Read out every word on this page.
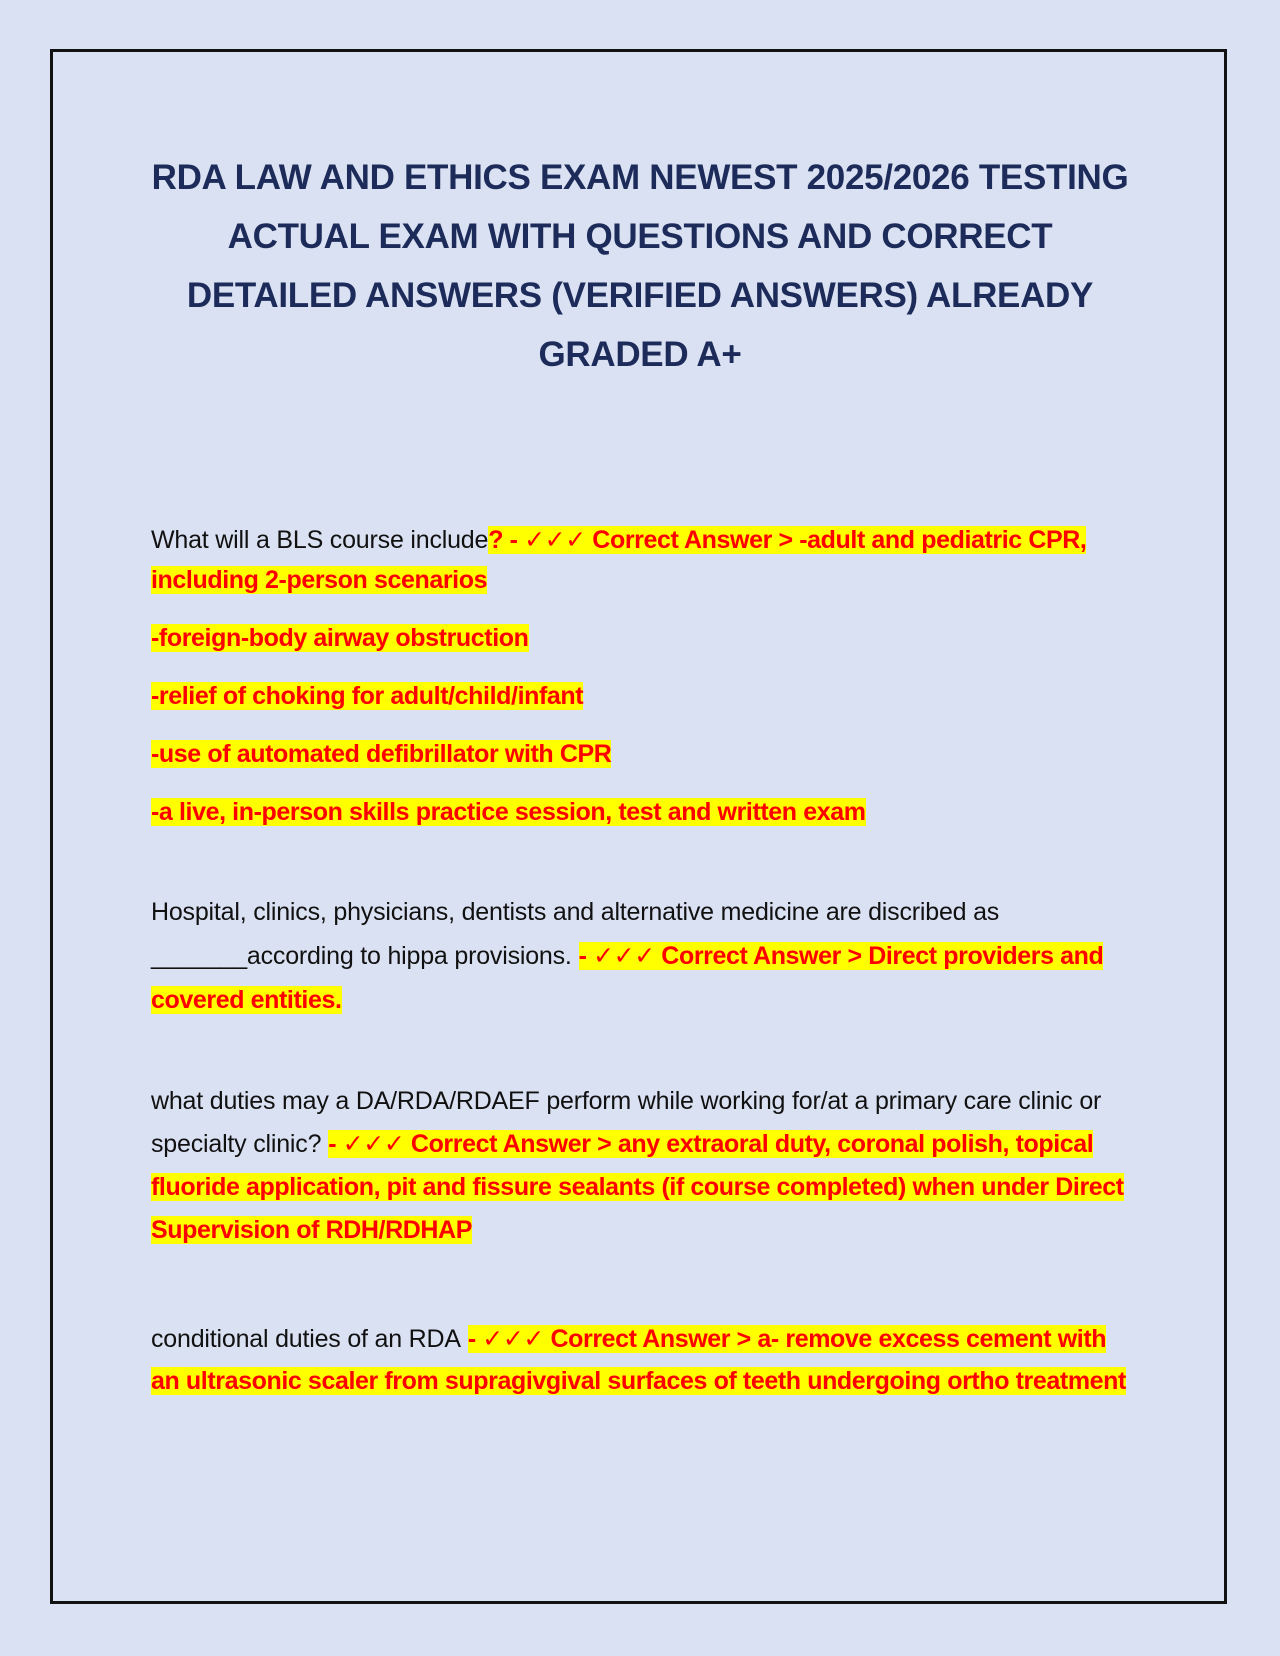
RDA LAW AND ETHICS EXAM NEWEST 2025/2026 TESTING ACTUAL EXAM WITH QUESTIONS AND CORRECT DETAILED ANSWERS (VERIFIED ANSWERS) ALREADY GRADED A+

What will a BLS course include? - ✓✓✓ Correct Answer > -adult and pediatric CPR, including 2-person scenarios

-foreign-body airway obstruction

-relief of choking for adult/child/infant

-use of automated defibrillator with CPR

-a live, in-person skills practice session, test and written exam

Hospital, clinics, physicians, dentists and alternative medicine are discribed as _______according to hippa provisions. - ✓✓✓ Correct Answer > Direct providers and covered entities.

what duties may a DA/RDA/RDAEF perform while working for/at a primary care clinic or specialty clinic? - ✓✓✓ Correct Answer > any extraoral duty, coronal polish, topical fluoride application, pit and fissure sealants (if course completed) when under Direct Supervision of RDH/RDHAP

conditional duties of an RDA - ✓✓✓ Correct Answer > a- remove excess cement with an ultrasonic scaler from supragivgival surfaces of teeth undergoing ortho treatment
